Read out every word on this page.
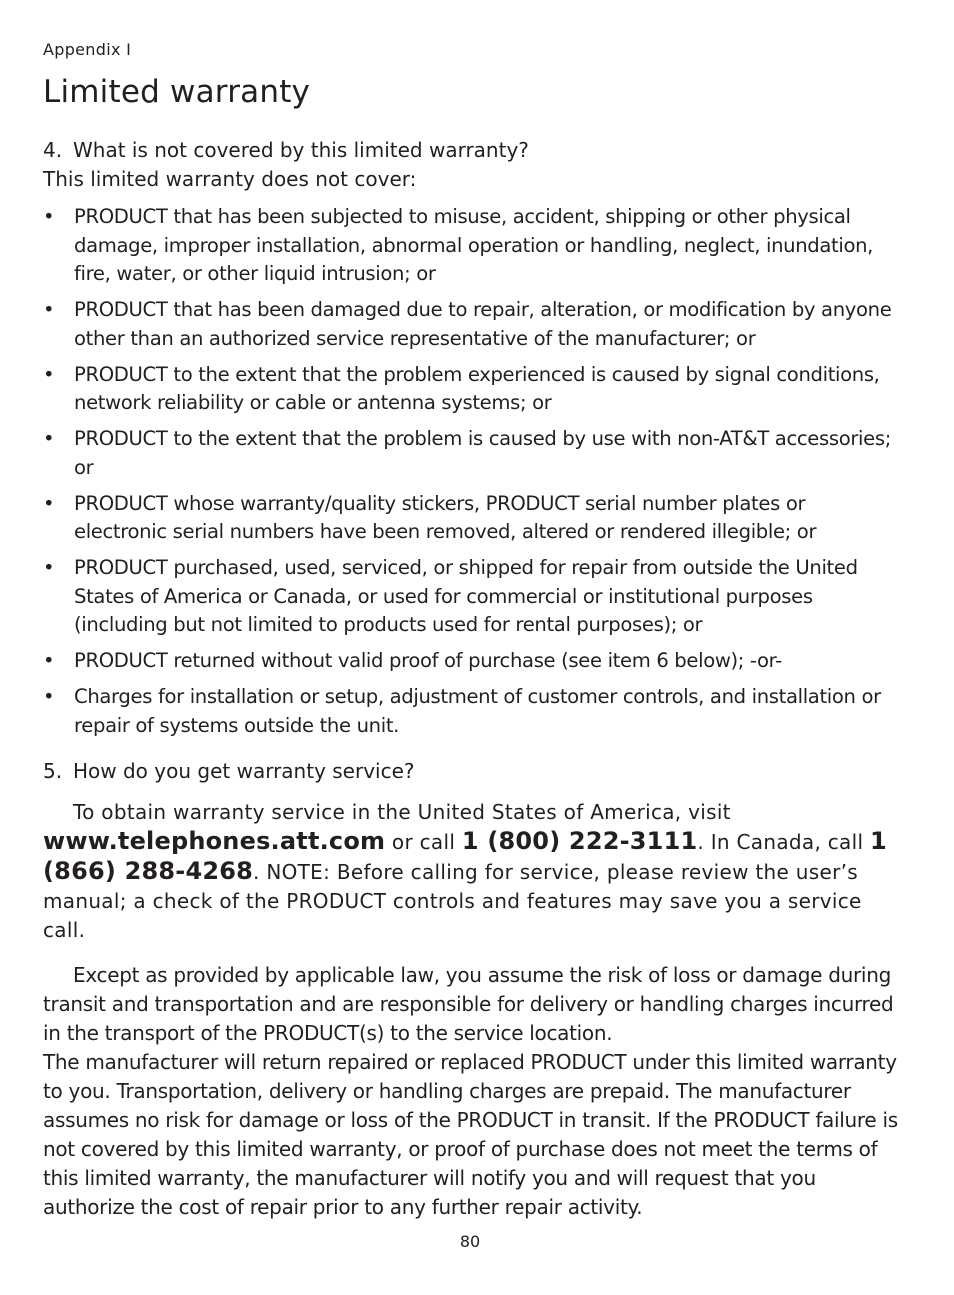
Appendix I
Limited warranty
4. What is not covered by this limited warranty?
This limited warranty does not cover:
• PRODUCT that has been subjected to misuse, accident, shipping or other physical damage, improper installation, abnormal operation or handling, neglect, inundation, fire, water, or other liquid intrusion; or
• PRODUCT that has been damaged due to repair, alteration, or modification by anyone other than an authorized service representative of the manufacturer; or
• PRODUCT to the extent that the problem experienced is caused by signal conditions, network reliability or cable or antenna systems; or
• PRODUCT to the extent that the problem is caused by use with non-AT&T accessories; or
• PRODUCT whose warranty/quality stickers, PRODUCT serial number plates or electronic serial numbers have been removed, altered or rendered illegible; or
• PRODUCT purchased, used, serviced, or shipped for repair from outside the United States of America or Canada, or used for commercial or institutional purposes (including but not limited to products used for rental purposes); or
• PRODUCT returned without valid proof of purchase (see item 6 below); -or-
• Charges for installation or setup, adjustment of customer controls, and installation or repair of systems outside the unit.
5. How do you get warranty service?
To obtain warranty service in the United States of America, visit www.telephones.att.com or call 1 (800) 222-3111. In Canada, call 1 (866) 288-4268. NOTE: Before calling for service, please review the user’s manual; a check of the PRODUCT controls and features may save you a service call.
Except as provided by applicable law, you assume the risk of loss or damage during transit and transportation and are responsible for delivery or handling charges incurred in the transport of the PRODUCT(s) to the service location.
The manufacturer will return repaired or replaced PRODUCT under this limited warranty to you. Transportation, delivery or handling charges are prepaid. The manufacturer assumes no risk for damage or loss of the PRODUCT in transit. If the PRODUCT failure is not covered by this limited warranty, or proof of purchase does not meet the terms of this limited warranty, the manufacturer will notify you and will request that you authorize the cost of repair prior to any further repair activity.
80
